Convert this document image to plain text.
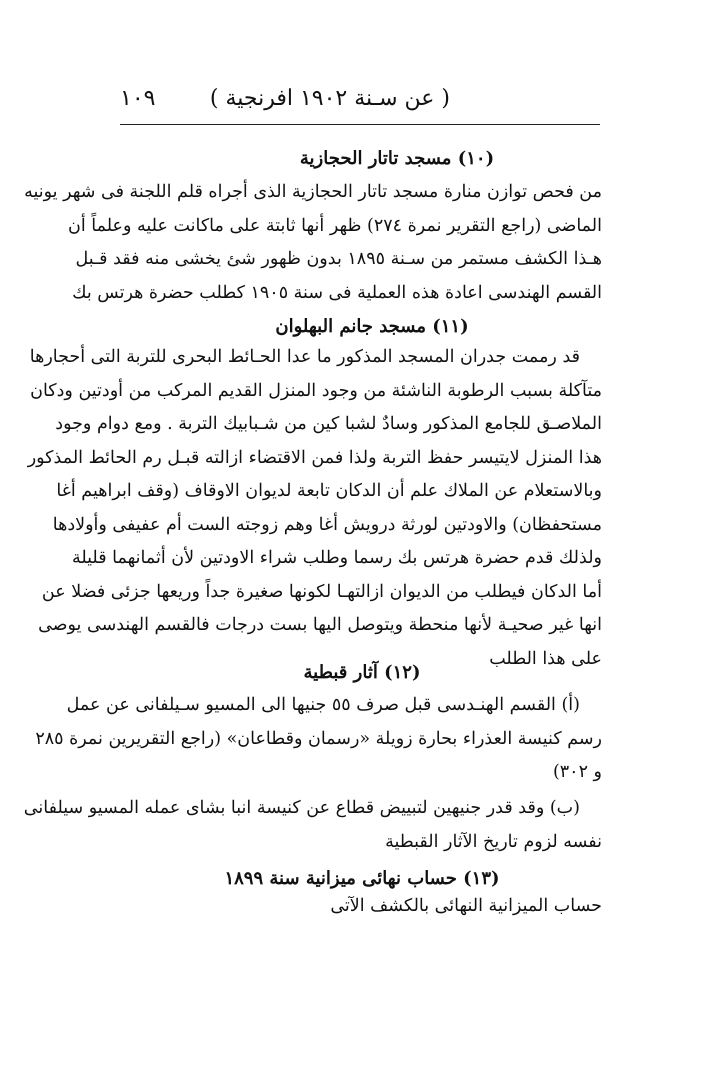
( عن سـنة ١٩٠٢ افرنجية )
١٠٩
(١٠) مسجد تاتار الحجازية
من فحص توازن منارة مسجد تاتار الحجازية الذى أجراه قلم اللجنة فى شهر يونيه
الماضى (راجع التقرير نمرة ٢٧٤) ظهر أنها ثابتة على ماكانت عليه وعلماً أن
هـذا الكشف مستمر من سـنة ١٨٩٥ بدون ظهور شئ يخشى منه فقد قـبل
القسم الهندسى اعادة هذه العملية فى سنة ١٩٠٥ كطلب حضرة هرتس بك
(١١) مسجد جانم البهلوان
قد رممت جدران المسجد المذكور ما عدا الحـائط البحرى للتربة التى أحجارها
متآكلة بسبب الرطوبة الناشئة من وجود المنزل القديم المركب من أودتين ودكان
الملاصـق للجامع المذكور وسادٌ لشبا كين من شـبابيك التربة . ومع دوام وجود
هذا المنزل لايتيسر حفظ التربة ولذا فمن الاقتضاء ازالته قبـل رم الحائط المذكور
وبالاستعلام عن الملاك علم أن الدكان تابعة لديوان الاوقاف (وقف ابراهيم أغا
مستحفظان) والاودتين لورثة درويش أغا وهم زوجته الست أم عفيفى وأولادها
ولذلك قدم حضرة هرتس بك رسما وطلب شراء الاودتين لأن أثمانهما قليلة
أما الدكان فيطلب من الديوان ازالتهـا لكونها صغيرة جداً وريعها جزئى فضلا عن
انها غير صحيـة لأنها منحطة ويتوصل اليها بست درجات فالقسم الهندسى يوصى
على هذا الطلب
(١٢) آثار قبطية
(أ) القسم الهنـدسى قبل صرف ٥٥ جنيها الى المسيو سـيلفانى عن عمل
رسم كنيسة العذراء بحارة زويلة «رسمان وقطاعان» (راجع التقريرين نمرة ٢٨٥
و ٣٠٢)
(ب) وقد قدر جنيهين لتبييض قطاع عن كنيسة انبا بشاى عمله المسيو سيلفانى
نفسه لزوم تاريخ الآثار القبطية
(١٣) حساب نهائى ميزانية سنة ١٨٩٩
حساب الميزانية النهائى بالكشف الآتى
